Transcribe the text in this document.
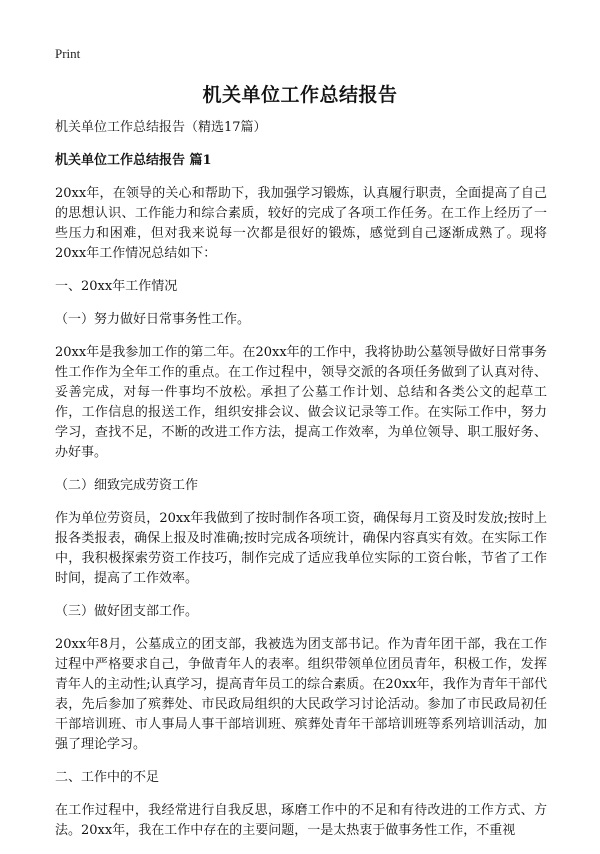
Print
机关单位工作总结报告

机关单位工作总结报告（精选17篇）

机关单位工作总结报告 篇1

20xx年，在领导的关心和帮助下，我加强学习锻炼，认真履行职责，全面提高了自己的思想认识、工作能力和综合素质，较好的完成了各项工作任务。在工作上经历了一些压力和困难，但对我来说每一次都是很好的锻炼，感觉到自己逐渐成熟了。现将20xx年工作情况总结如下：

一、20xx年工作情况

（一）努力做好日常事务性工作。

20xx年是我参加工作的第二年。在20xx年的工作中，我将协助公墓领导做好日常事务性工作作为全年工作的重点。在工作过程中，领导交派的各项任务做到了认真对待、妥善完成，对每一件事均不放松。承担了公墓工作计划、总结和各类公文的起草工作，工作信息的报送工作，组织安排会议、做会议记录等工作。在实际工作中，努力学习，查找不足，不断的改进工作方法，提高工作效率，为单位领导、职工服好务、办好事。

（二）细致完成劳资工作

作为单位劳资员，20xx年我做到了按时制作各项工资，确保每月工资及时发放;按时上报各类报表，确保上报及时准确;按时完成各项统计，确保内容真实有效。在实际工作中，我积极探索劳资工作技巧，制作完成了适应我单位实际的工资台帐，节省了工作时间，提高了工作效率。

（三）做好团支部工作。

20xx年8月，公墓成立的团支部，我被选为团支部书记。作为青年团干部，我在工作过程中严格要求自己，争做青年人的表率。组织带领单位团员青年，积极工作，发挥青年人的主动性;认真学习，提高青年员工的综合素质。在20xx年，我作为青年干部代表，先后参加了殡葬处、市民政局组织的大民政学习讨论活动。参加了市民政局初任干部培训班、市人事局人事干部培训班、殡葬处青年干部培训班等系列培训活动，加强了理论学习。

二、工作中的不足

在工作过程中，我经常进行自我反思，琢磨工作中的不足和有待改进的工作方式、方法。20xx年，我在工作中存在的主要问题，一是太热衷于做事务性工作，不重视
